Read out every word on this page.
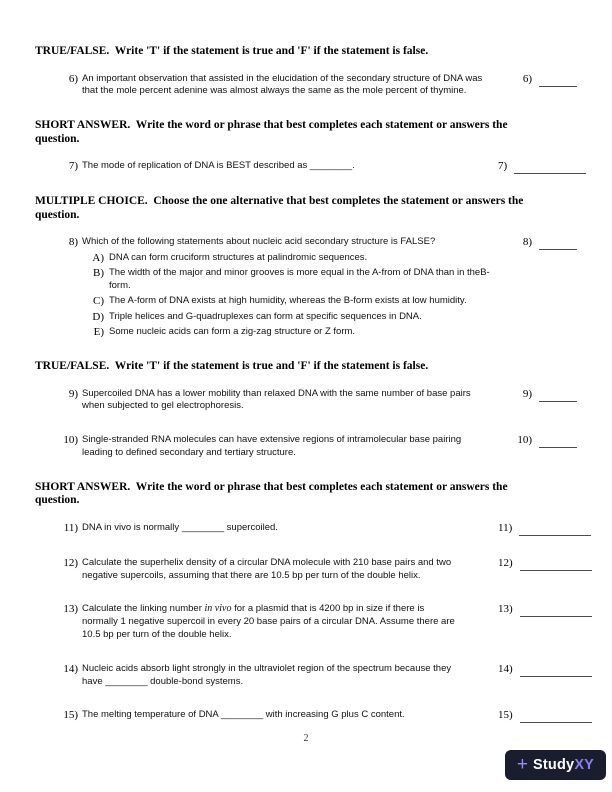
TRUE/FALSE.  Write 'T' if the statement is true and 'F' if the statement is false.
6) An important observation that assisted in the elucidation of the secondary structure of DNA was
that the mole percent adenine was almost always the same as the mole percent of thymine.
6)
SHORT ANSWER.  Write the word or phrase that best completes each statement or answers the
question.
7) The mode of replication of DNA is BEST described as ________.	7)
MULTIPLE CHOICE.  Choose the one alternative that best completes the statement or answers the
question.
8) Which of the following statements about nucleic acid secondary structure is FALSE?
A) DNA can form cruciform structures at palindromic sequences.
B) The width of the major and minor grooves is more equal in the A-from of DNA than in theB-form.
C) The A-form of DNA exists at high humidity, whereas the B-form exists at low humidity.
D) Triple helices and G-quadruplexes can form at specific sequences in DNA.
E) Some nucleic acids can form a zig-zag structure or Z form.
8)
TRUE/FALSE.  Write 'T' if the statement is true and 'F' if the statement is false.
9) Supercoiled DNA has a lower mobility than relaxed DNA with the same number of base pairs
when subjected to gel electrophoresis.
9)
10) Single-stranded RNA molecules can have extensive regions of intramolecular base pairing
leading to defined secondary and tertiary structure.
10)
SHORT ANSWER.  Write the word or phrase that best completes each statement or answers the
question.
11) DNA in vivo is normally ________ supercoiled.	11)
12) Calculate the superhelix density of a circular DNA molecule with 210 base pairs and two
negative supercoils, assuming that there are 10.5 bp per turn of the double helix.
12)
13) Calculate the linking number in vivo for a plasmid that is 4200 bp in size if there is
normally 1 negative supercoil in every 20 base pairs of a circular DNA. Assume there are
10.5 bp per turn of the double helix.
13)
14) Nucleic acids absorb light strongly in the ultraviolet region of the spectrum because they
have ________ double-bond systems.
14)
15) The melting temperature of DNA ________ with increasing G plus C content.	15)
2
+ StudyXY
